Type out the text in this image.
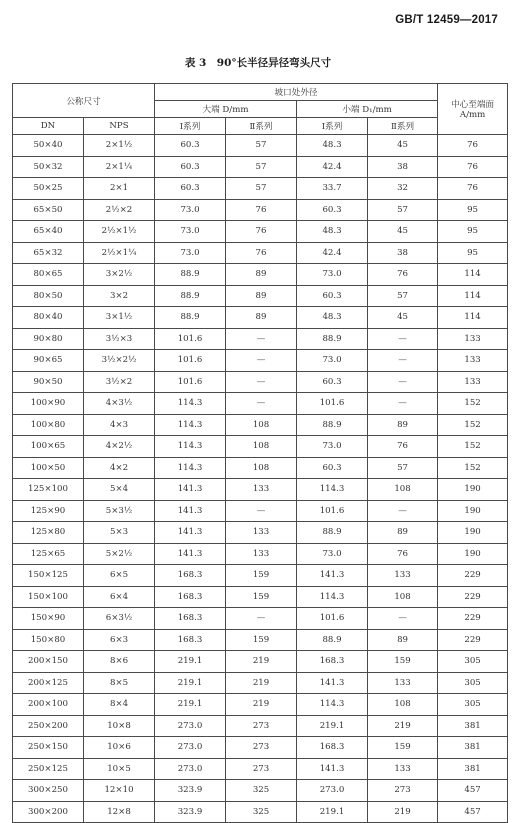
GB/T 12459—2017
表 3　90°长半径异径弯头尺寸
公称尺寸		坡口处外径				中心至端面 A/mm
		大端 D/mm		小端 D₁/mm		
DN	NPS	Ⅰ系列	Ⅱ系列	Ⅰ系列	Ⅱ系列	
50×40	2×1½	60.3	57	48.3	45	76
50×32	2×1¼	60.3	57	42.4	38	76
50×25	2×1	60.3	57	33.7	32	76
65×50	2½×2	73.0	76	60.3	57	95
65×40	2½×1½	73.0	76	48.3	45	95
65×32	2½×1¼	73.0	76	42.4	38	95
80×65	3×2½	88.9	89	73.0	76	114
80×50	3×2	88.9	89	60.3	57	114
80×40	3×1½	88.9	89	48.3	45	114
90×80	3½×3	101.6	—	88.9	—	133
90×65	3½×2½	101.6	—	73.0	—	133
90×50	3½×2	101.6	—	60.3	—	133
100×90	4×3½	114.3	—	101.6	—	152
100×80	4×3	114.3	108	88.9	89	152
100×65	4×2½	114.3	108	73.0	76	152
100×50	4×2	114.3	108	60.3	57	152
125×100	5×4	141.3	133	114.3	108	190
125×90	5×3½	141.3	—	101.6	—	190
125×80	5×3	141.3	133	88.9	89	190
125×65	5×2½	141.3	133	73.0	76	190
150×125	6×5	168.3	159	141.3	133	229
150×100	6×4	168.3	159	114.3	108	229
150×90	6×3½	168.3	—	101.6	—	229
150×80	6×3	168.3	159	88.9	89	229
200×150	8×6	219.1	219	168.3	159	305
200×125	8×5	219.1	219	141.3	133	305
200×100	8×4	219.1	219	114.3	108	305
250×200	10×8	273.0	273	219.1	219	381
250×150	10×6	273.0	273	168.3	159	381
250×125	10×5	273.0	273	141.3	133	381
300×250	12×10	323.9	325	273.0	273	457
300×200	12×8	323.9	325	219.1	219	457
